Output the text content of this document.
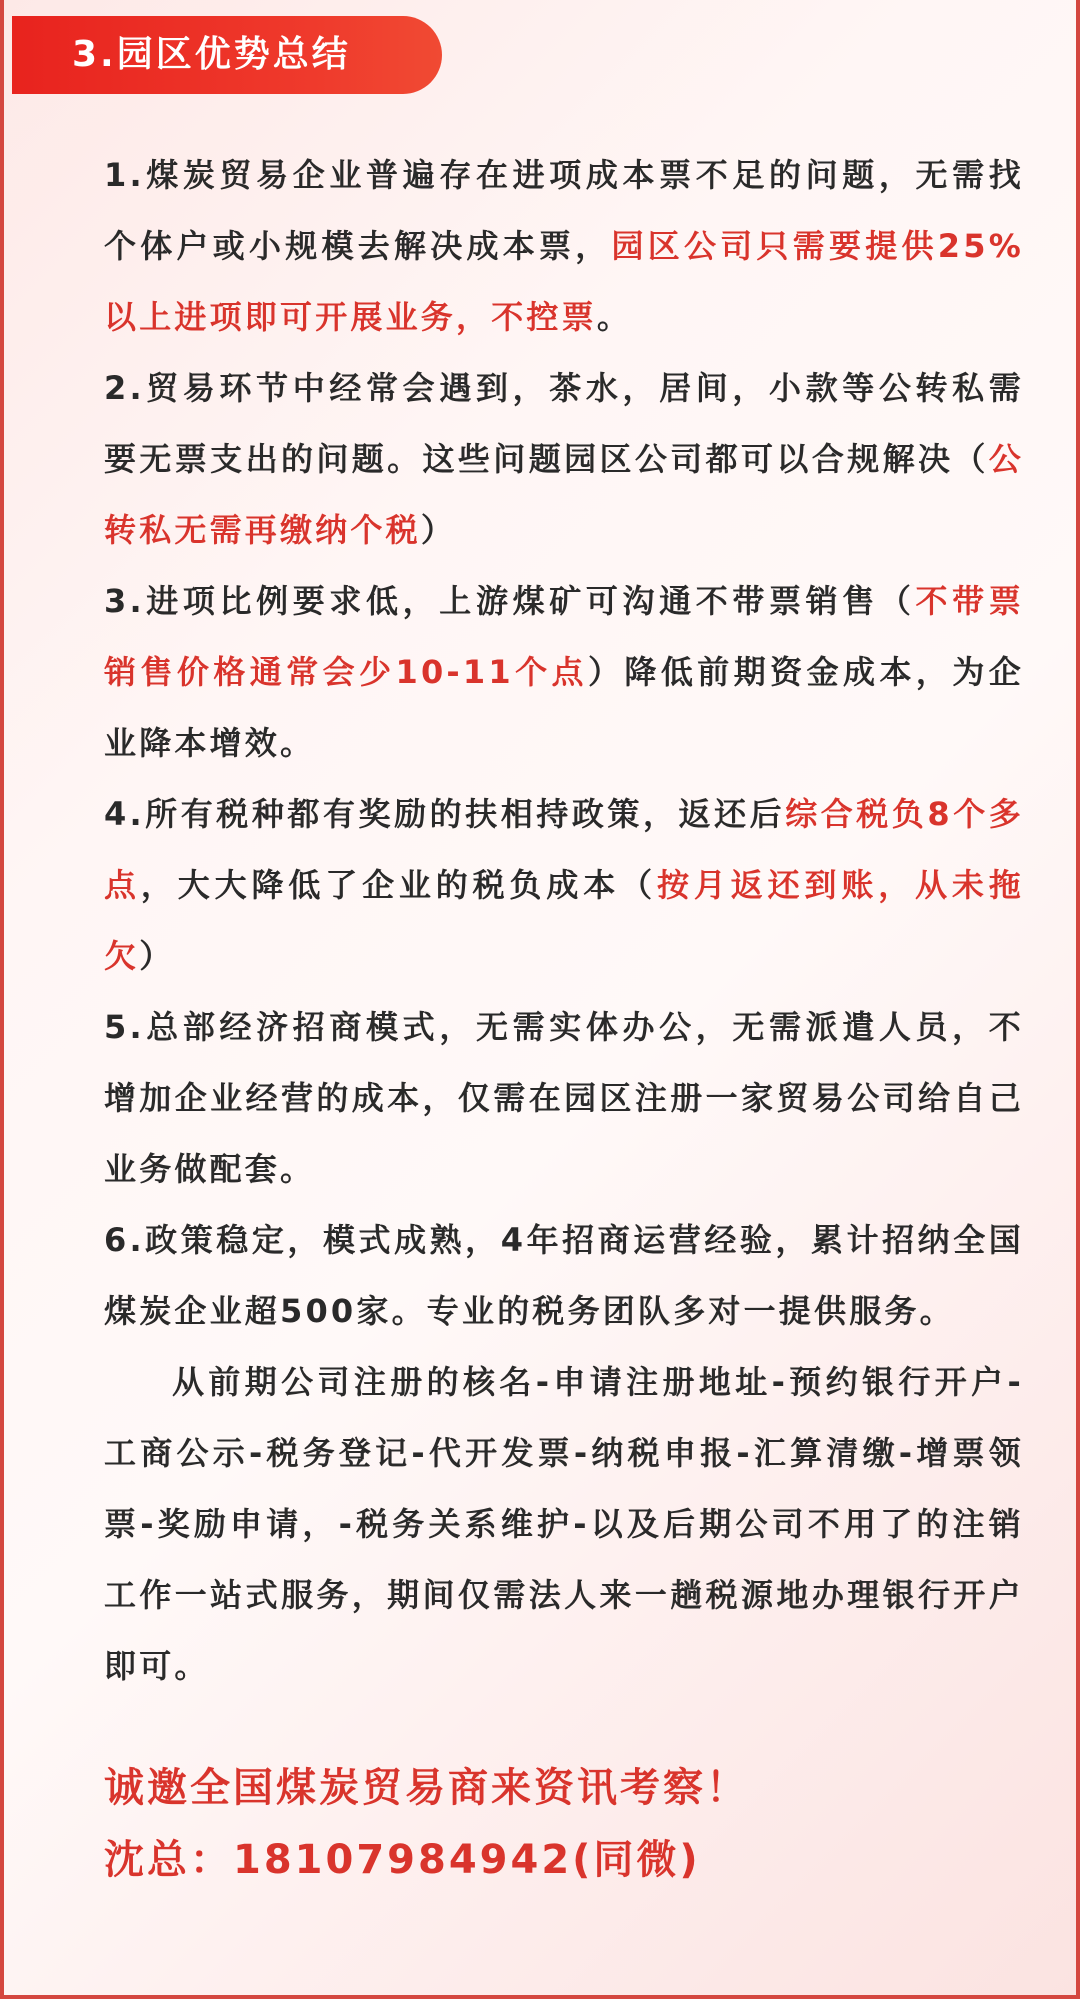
3.园区优势总结

1.煤炭贸易企业普遍存在进项成本票不足的问题，无需找个体户或小规模去解决成本票，园区公司只需要提供25%以上进项即可开展业务，不控票。

2.贸易环节中经常会遇到，茶水，居间，小款等公转私需要无票支出的问题。这些问题园区公司都可以合规解决（公转私无需再缴纳个税）

3.进项比例要求低，上游煤矿可沟通不带票销售（不带票销售价格通常会少10-11个点）降低前期资金成本，为企业降本增效。

4.所有税种都有奖励的扶相持政策，返还后综合税负8个多点，大大降低了企业的税负成本（按月返还到账，从未拖欠）

5.总部经济招商模式，无需实体办公，无需派遣人员，不增加企业经营的成本，仅需在园区注册一家贸易公司给自己业务做配套。

6.政策稳定，模式成熟，4年招商运营经验，累计招纳全国煤炭企业超500家。专业的税务团队多对一提供服务。

从前期公司注册的核名-申请注册地址-预约银行开户-工商公示-税务登记-代开发票-纳税申报-汇算清缴-增票领票-奖励申请，-税务关系维护-以及后期公司不用了的注销工作一站式服务，期间仅需法人来一趟税源地办理银行开户即可。

诚邀全国煤炭贸易商来资讯考察！
沈总：18107984942(同微)
